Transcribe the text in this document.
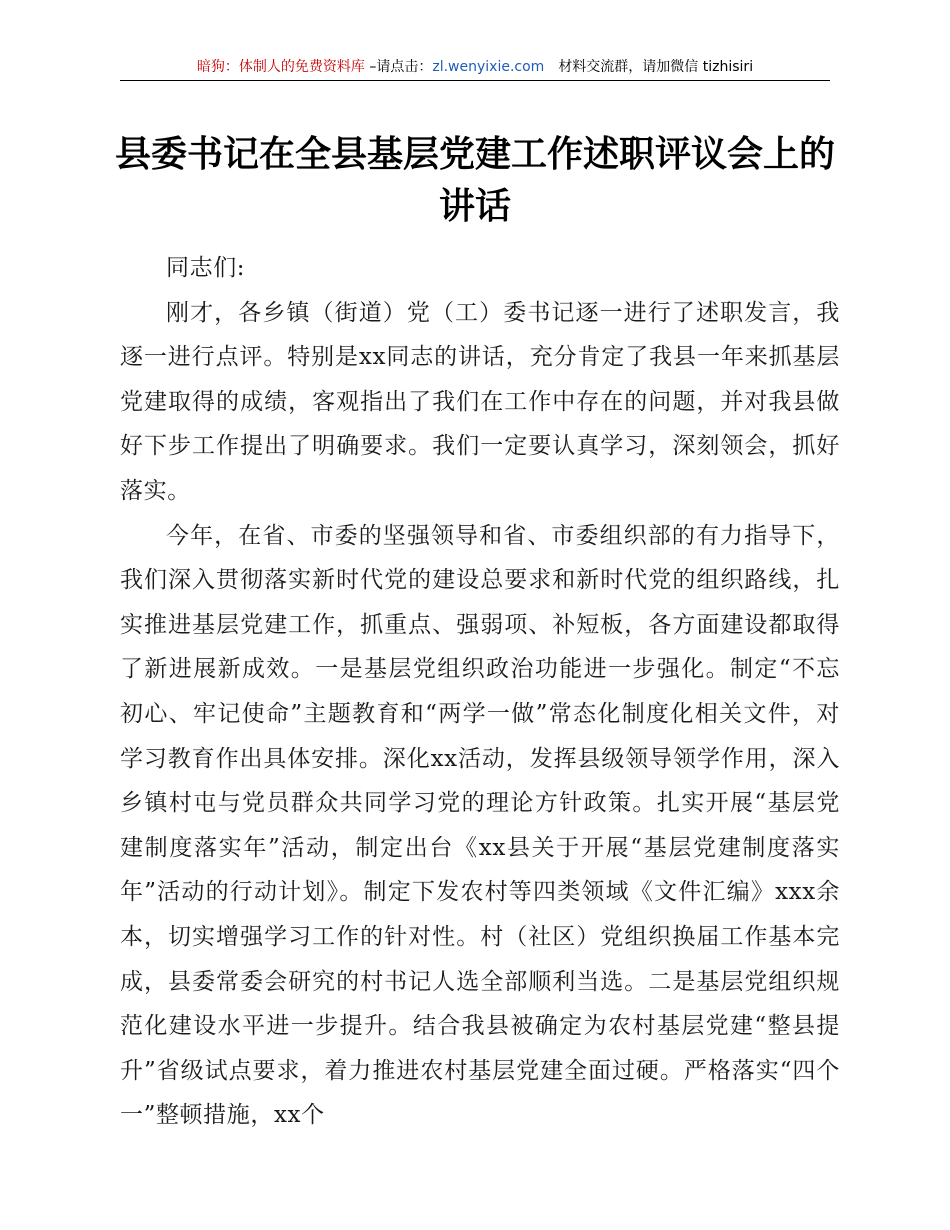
暗狗：体制人的免费资料库 –请点击：zl.wenyixie.com 材料交流群，请加微信 tizhisiri
县委书记在全县基层党建工作述职评议会上的讲话

同志们:

刚才，各乡镇（街道）党（工）委书记逐一进行了述职发言，我逐一进行点评。特别是xx同志的讲话，充分肯定了我县一年来抓基层党建取得的成绩，客观指出了我们在工作中存在的问题，并对我县做好下步工作提出了明确要求。我们一定要认真学习，深刻领会，抓好落实。

今年，在省、市委的坚强领导和省、市委组织部的有力指导下，我们深入贯彻落实新时代党的建设总要求和新时代党的组织路线，扎实推进基层党建工作，抓重点、强弱项、补短板，各方面建设都取得了新进展新成效。一是基层党组织政治功能进一步强化。制定“不忘初心、牢记使命”主题教育和“两学一做”常态化制度化相关文件，对学习教育作出具体安排。深化xx活动，发挥县级领导领学作用，深入乡镇村屯与党员群众共同学习党的理论方针政策。扎实开展“基层党建制度落实年”活动，制定出台《xx县关于开展“基层党建制度落实年”活动的行动计划》。制定下发农村等四类领域《文件汇编》xxx余本，切实增强学习工作的针对性。村（社区）党组织换届工作基本完成，县委常委会研究的村书记人选全部顺利当选。二是基层党组织规范化建设水平进一步提升。结合我县被确定为农村基层党建“整县提升”省级试点要求，着力推进农村基层党建全面过硬。严格落实“四个一”整顿措施，xx个
